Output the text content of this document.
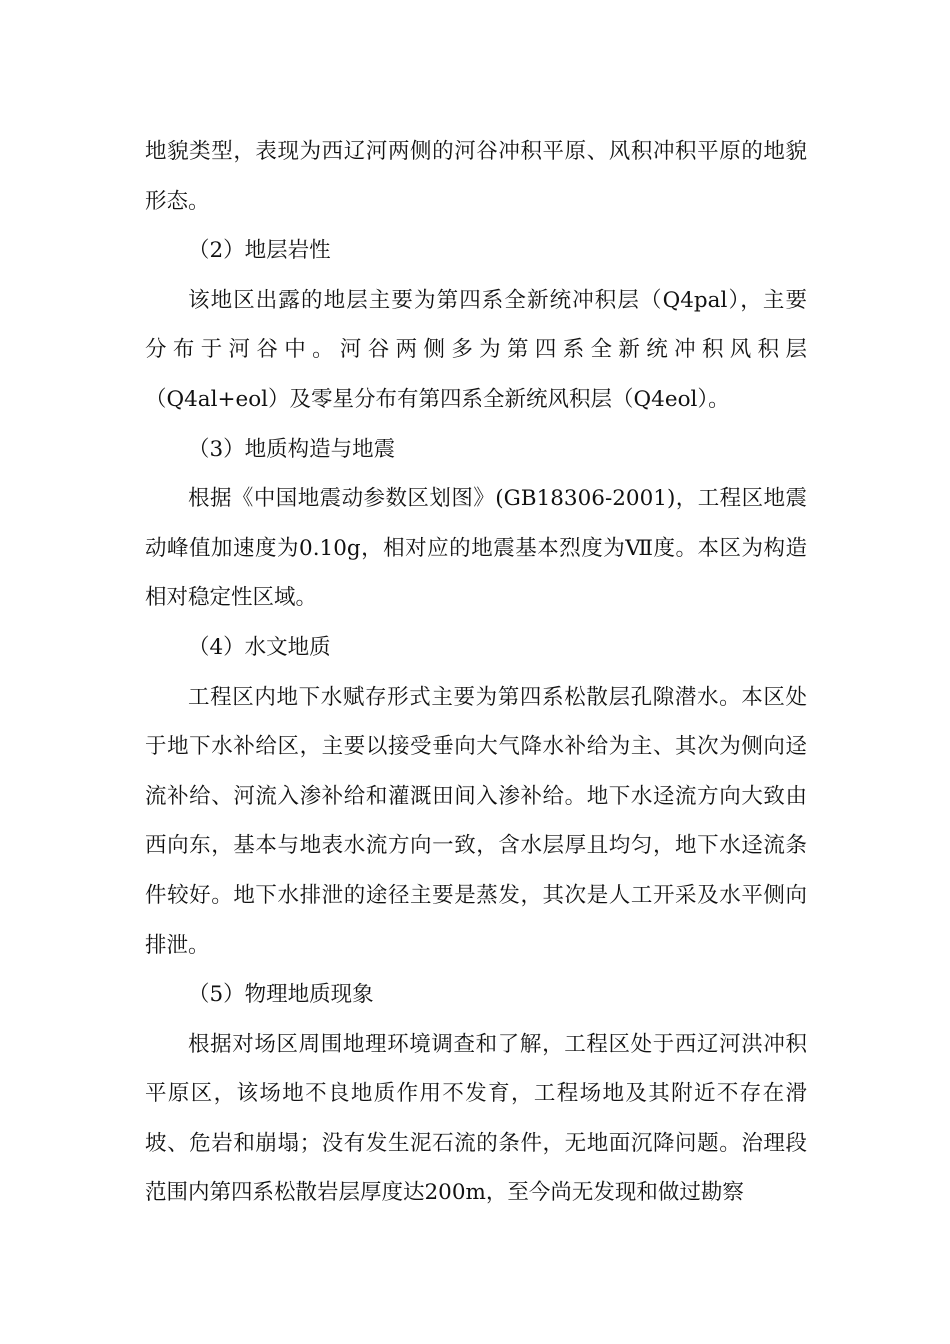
地貌类型，表现为西辽河两侧的河谷冲积平原、风积冲积平原的地貌形态。

（2）地层岩性

该地区出露的地层主要为第四系全新统冲积层（Q4pal），主要

分布于河谷中。河谷两侧多为第四系全新统冲积风积层

（Q4al+eol）及零星分布有第四系全新统风积层（Q4eol）。

（3）地质构造与地震

根据《中国地震动参数区划图》(GB18306-2001)，工程区地震动峰值加速度为0.10g，相对应的地震基本烈度为Ⅶ度。本区为构造相对稳定性区域。

（4）水文地质

工程区内地下水赋存形式主要为第四系松散层孔隙潜水。本区处于地下水补给区，主要以接受垂向大气降水补给为主、其次为侧向迳流补给、河流入渗补给和灌溉田间入渗补给。地下水迳流方向大致由西向东，基本与地表水流方向一致，含水层厚且均匀，地下水迳流条件较好。地下水排泄的途径主要是蒸发，其次是人工开采及水平侧向排泄。

（5）物理地质现象

根据对场区周围地理环境调查和了解，工程区处于西辽河洪冲积平原区，该场地不良地质作用不发育，工程场地及其附近不存在滑坡、危岩和崩塌；没有发生泥石流的条件，无地面沉降问题。治理段范围内第四系松散岩层厚度达200m，至今尚无发现和做过勘察
